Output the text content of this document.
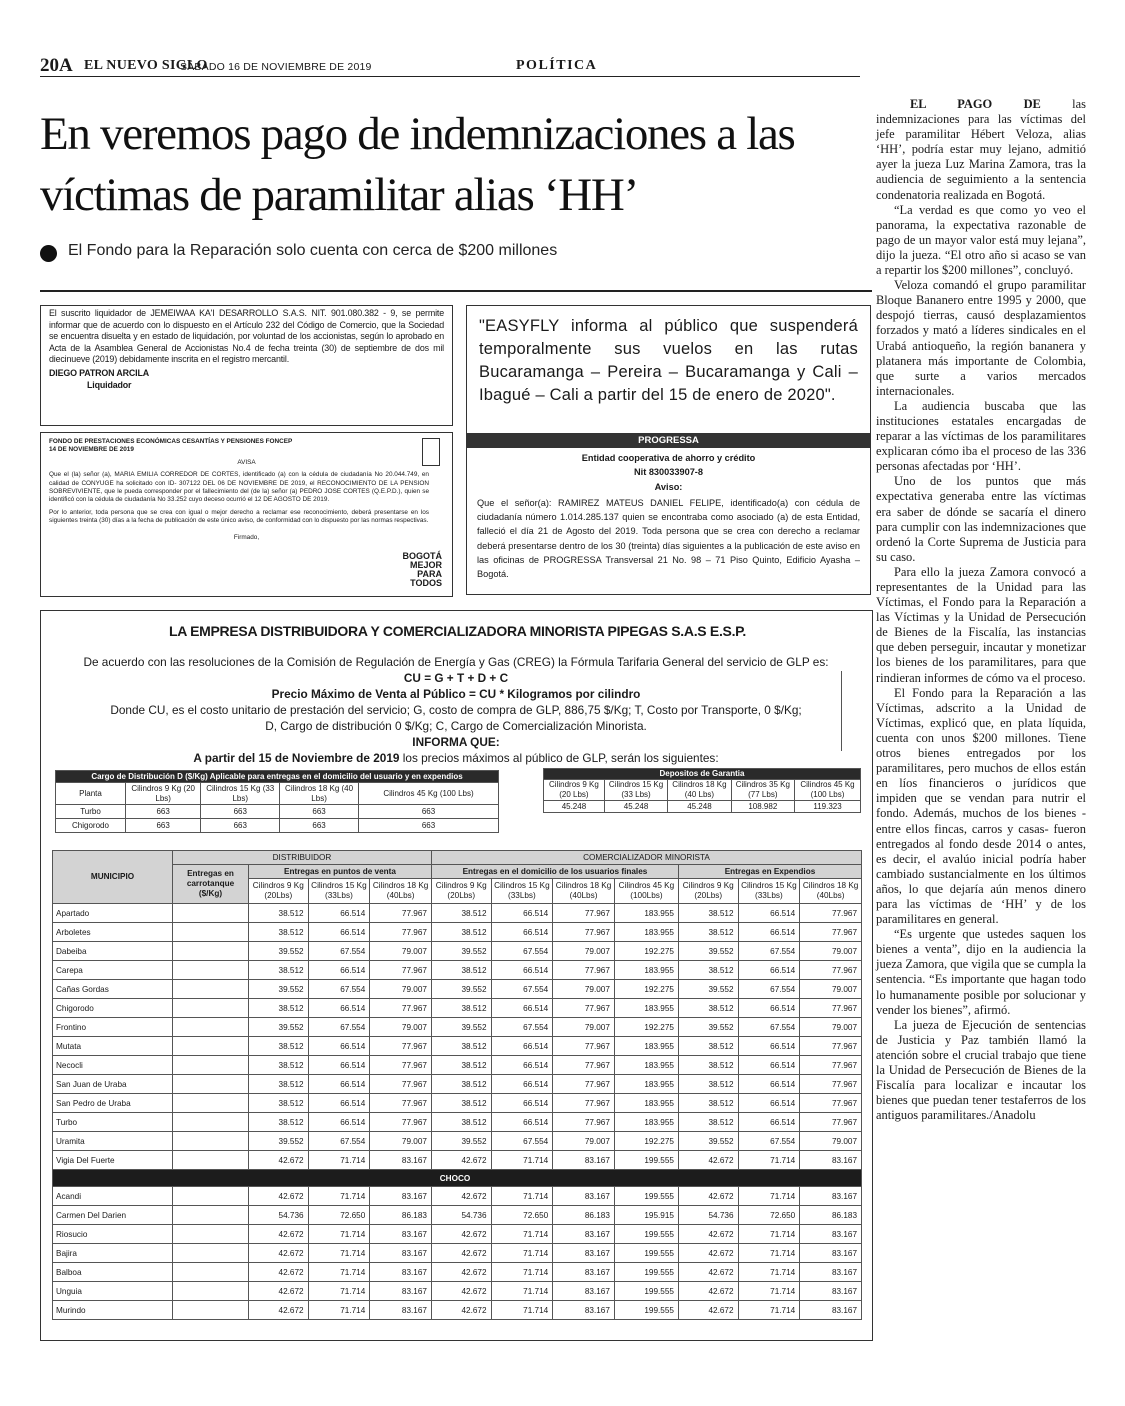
20A EL NUEVO SIGLO
SÁBADO 16 DE NOVIEMBRE DE 2019	POLÍTICA
En veremos pago de indemnizaciones a las víctimas de paramilitar alias ‘HH’
El Fondo para la Reparación solo cuenta con cerca de $200 millones

EL PAGO DE las indemnizaciones para las víctimas del jefe paramilitar Hébert Veloza, alias ‘HH’, podría estar muy lejano, admitió ayer la jueza Luz Marina Zamora, tras la audiencia de seguimiento a la sentencia condenatoria realizada en Bogotá.

“La verdad es que como yo veo el panorama, la expectativa razonable de pago de un mayor valor está muy lejana”, dijo la jueza. “El otro año si acaso se van a repartir los $200 millones”, concluyó.

Veloza comandó el grupo paramilitar Bloque Bananero entre 1995 y 2000, que despojó tierras, causó desplazamientos forzados y mató a líderes sindicales en el Urabá antioqueño, la región bananera y platanera más importante de Colombia, que surte a varios mercados internacionales.

La audiencia buscaba que las instituciones estatales encargadas de reparar a las víctimas de los paramilitares explicaran cómo iba el proceso de las 336 personas afectadas por ‘HH’.

Uno de los puntos que más expectativa generaba entre las víctimas era saber de dónde se sacaría el dinero para cumplir con las indemnizaciones que ordenó la Corte Suprema de Justicia para su caso.

Para ello la jueza Zamora convocó a representantes de la Unidad para las Víctimas, el Fondo para la Reparación a las Víctimas y la Unidad de Persecución de Bienes de la Fiscalía, las instancias que deben perseguir, incautar y monetizar los bienes de los paramilitares, para que rindieran informes de cómo va el proceso.

El Fondo para la Reparación a las Víctimas, adscrito a la Unidad de Víctimas, explicó que, en plata líquida, cuenta con unos $200 millones. Tiene otros bienes entregados por los paramilitares, pero muchos de ellos están en líos financieros o jurídicos que impiden que se vendan para nutrir el fondo. Además, muchos de los bienes -entre ellos fincas, carros y casas- fueron entregados al fondo desde 2014 o antes, es decir, el avalúo inicial podría haber cambiado sustancialmente en los últimos años, lo que dejaría aún menos dinero para las víctimas de ‘HH’ y de los paramilitares en general.

“Es urgente que ustedes saquen los bienes a venta”, dijo en la audiencia la jueza Zamora, que vigila que se cumpla la sentencia. “Es importante que hagan todo lo humanamente posible por solucionar y vender los bienes”, afirmó.

La jueza de Ejecución de sentencias de Justicia y Paz también llamó la atención sobre el crucial trabajo que tiene la Unidad de Persecución de Bienes de la Fiscalía para localizar e incautar los bienes que puedan tener testaferros de los antiguos paramilitares./Anadolu

El suscrito liquidador de JEMEIWAA KA'I DESARROLLO S.A.S. NIT. 901.080.382 - 9, se permite informar que de acuerdo con lo dispuesto en el Artículo 232 del Código de Comercio, que la Sociedad se encuentra disuelta y en estado de liquidación, por voluntad de los accionistas, según lo aprobado en Acta de la Asamblea General de Accionistas No.4 de fecha treinta (30) de septiembre de dos mil diecinueve (2019) debidamente inscrita en el registro mercantil.
DIEGO PATRON ARCILA
Liquidador
"EASYFLY informa al público que suspenderá temporalmente sus vuelos en las rutas Bucaramanga – Pereira – Bucaramanga y Cali – Ibagué – Cali a partir del 15 de enero de 2020".
FONDO DE PRESTACIONES ECONÓMICAS CESANTÍAS Y PENSIONES FONCEP
14 DE NOVIEMBRE DE 2019
AVISA
Que el (la) señor (a), MARIA EMILIA CORREDOR DE CORTES, identificado (a) con la cédula de ciudadanía No 20.044.749, en calidad de CONYUGE ha solicitado con ID- 307122 DEL 06 DE NOVIEMBRE DE 2019, el RECONOCIMIENTO DE LA PENSION SOBREVIVIENTE, que le pueda corresponder por el fallecimiento del (de la) señor (a) PEDRO JOSE CORTES (Q.E.P.D.), quien se identificó con la cédula de ciudadanía No 33.252 cuyo deceso ocurrió el 12 DE AGOSTO DE 2019.
Por lo anterior, toda persona que se crea con igual o mejor derecho a reclamar ese reconocimiento, deberá presentarse en los siguientes treinta (30) días a la fecha de publicación de este único aviso, de conformidad con lo dispuesto por las normas respectivas.
Firmado,
BOGOTÁ MEJOR PARA TODOS
PROGRESSA
Entidad cooperativa de ahorro y crédito
Nit 830033907-8
Aviso:
Que el señor(a): RAMIREZ MATEUS DANIEL FELIPE, identificado(a) con cédula de ciudadanía número 1.014.285.137 quien se encontraba como asociado (a) de esta Entidad, falleció el día 21 de Agosto del 2019. Toda persona que se crea con derecho a reclamar deberá presentarse dentro de los 30 (treinta) días siguientes a la publicación de este aviso en las oficinas de PROGRESSA Transversal 21 No. 98 – 71 Piso Quinto, Edificio Ayasha – Bogotá.
LA EMPRESA DISTRIBUIDORA Y COMERCIALIZADORA MINORISTA PIPEGAS S.A.S E.S.P.
De acuerdo con las resoluciones de la Comisión de Regulación de Energía y Gas (CREG) la Fórmula Tarifaria General del servicio de GLP es:
CU = G + T + D + C
Precio Máximo de Venta al Público = CU * Kilogramos por cilindro
Donde CU, es el costo unitario de prestación del servicio; G, costo de compra de GLP, 886,75 $/Kg; T, Costo por Transporte, 0 $/Kg;
D, Cargo de distribución 0 $/Kg; C, Cargo de Comercialización Minorista.
INFORMA QUE:
A partir del 15 de Noviembre de 2019 los precios máximos al público de GLP, serán los siguientes:
Cargo de Distribución D ($/Kg) Aplicable para entregas en el domicilio del usuario y en expendios				
Planta	Cilindros 9 Kg (20 Lbs)	Cilindros 15 Kg (33 Lbs)	Cilindros 18 Kg (40 Lbs)	Cilindros 45 Kg (100 Lbs)
Turbo	663	663	663	663
Chigorodo	663	663	663	663
Depositos de Garantia				
Cilindros 9 Kg (20 Lbs)	Cilindros 15 Kg (33 Lbs)	Cilindros 18 Kg (40 Lbs)	Cilindros 35 Kg (77 Lbs)	Cilindros 45 Kg (100 Lbs)
45.248	45.248	45.248	108.982	119.323
MUNICIPIO	DISTRIBUIDOR				COMERCIALIZADOR MINORISTA						
	Entregas en carrotanque ($/Kg)	Entregas en puntos de venta			Entregas en el domicilio de los usuarios finales				Entregas en Expendios		
		Cilindros 9 Kg (20Lbs)	Cilindros 15 Kg (33Lbs)	Cilindros 18 Kg (40Lbs)	Cilindros 9 Kg (20Lbs)	Cilindros 15 Kg (33Lbs)	Cilindros 18 Kg (40Lbs)	Cilindros 45 Kg (100Lbs)	Cilindros 9 Kg (20Lbs)	Cilindros 15 Kg (33Lbs)	Cilindros 18 Kg (40Lbs)
Apartado		38.512	66.514	77.967	38.512	66.514	77.967	183.955	38.512	66.514	77.967
Arboletes		38.512	66.514	77.967	38.512	66.514	77.967	183.955	38.512	66.514	77.967
Dabeiba		39.552	67.554	79.007	39.552	67.554	79.007	192.275	39.552	67.554	79.007
Carepa		38.512	66.514	77.967	38.512	66.514	77.967	183.955	38.512	66.514	77.967
Cañas Gordas		39.552	67.554	79.007	39.552	67.554	79.007	192.275	39.552	67.554	79.007
Chigorodo		38.512	66.514	77.967	38.512	66.514	77.967	183.955	38.512	66.514	77.967
Frontino		39.552	67.554	79.007	39.552	67.554	79.007	192.275	39.552	67.554	79.007
Mutata		38.512	66.514	77.967	38.512	66.514	77.967	183.955	38.512	66.514	77.967
Necocli		38.512	66.514	77.967	38.512	66.514	77.967	183.955	38.512	66.514	77.967
San Juan de Uraba		38.512	66.514	77.967	38.512	66.514	77.967	183.955	38.512	66.514	77.967
San Pedro de Uraba		38.512	66.514	77.967	38.512	66.514	77.967	183.955	38.512	66.514	77.967
Turbo		38.512	66.514	77.967	38.512	66.514	77.967	183.955	38.512	66.514	77.967
Uramita		39.552	67.554	79.007	39.552	67.554	79.007	192.275	39.552	67.554	79.007
Vigia Del Fuerte		42.672	71.714	83.167	42.672	71.714	83.167	199.555	42.672	71.714	83.167
CHOCO											
Acandi		42.672	71.714	83.167	42.672	71.714	83.167	199.555	42.672	71.714	83.167
Carmen Del Darien		54.736	72.650	86.183	54.736	72.650	86.183	195.915	54.736	72.650	86.183
Riosucio		42.672	71.714	83.167	42.672	71.714	83.167	199.555	42.672	71.714	83.167
Bajira		42.672	71.714	83.167	42.672	71.714	83.167	199.555	42.672	71.714	83.167
Balboa		42.672	71.714	83.167	42.672	71.714	83.167	199.555	42.672	71.714	83.167
Unguia		42.672	71.714	83.167	42.672	71.714	83.167	199.555	42.672	71.714	83.167
Murindo		42.672	71.714	83.167	42.672	71.714	83.167	199.555	42.672	71.714	83.167
